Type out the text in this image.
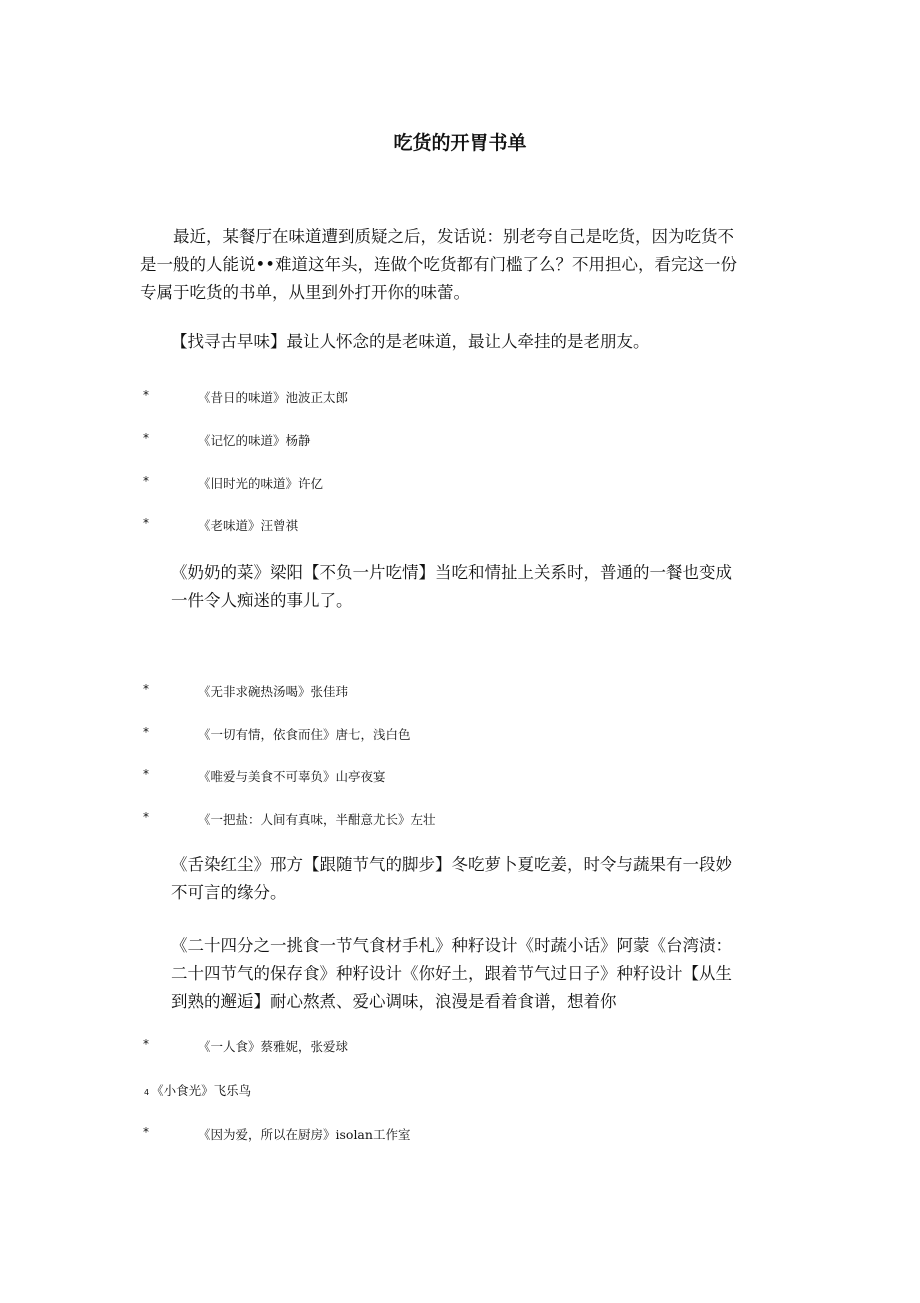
吃货的开胃书单

最近，某餐厅在味道遭到质疑之后，发话说：别老夸自己是吃货，因为吃货不是一般的人能说••难道这年头，连做个吃货都有门槛了么？不用担心，看完这一份专属于吃货的书单，从里到外打开你的味蕾。

【找寻古早味】最让人怀念的是老味道，最让人牵挂的是老朋友。

*	《昔日的味道》池波正太郎
*	《记忆的味道》杨静
*	《旧时光的味道》许亿
*	《老味道》汪曾祺

《奶奶的菜》梁阳【不负一片吃情】当吃和情扯上关系时，普通的一餐也变成一件令人痴迷的事儿了。

*	《无非求碗热汤喝》张佳玮
*	《一切有情，依食而住》唐七，浅白色
*	《唯爱与美食不可辜负》山亭夜宴
*	《一把盐：人间有真味，半酣意尤长》左壮

《舌染红尘》邢方【跟随节气的脚步】冬吃萝卜夏吃姜，时令与蔬果有一段妙不可言的缘分。

《二十四分之一挑食一节气食材手札》种籽设计《时蔬小话》阿蒙《台湾渍：二十四节气的保存食》种籽设计《你好土，跟着节气过日子》种籽设计【从生到熟的邂逅】耐心熬煮、爱心调味，浪漫是看着食谱，想着你

*	《一人食》蔡雅妮，张爱球
4 《小食光》飞乐鸟
*	《因为爱，所以在厨房》isolan工作室
